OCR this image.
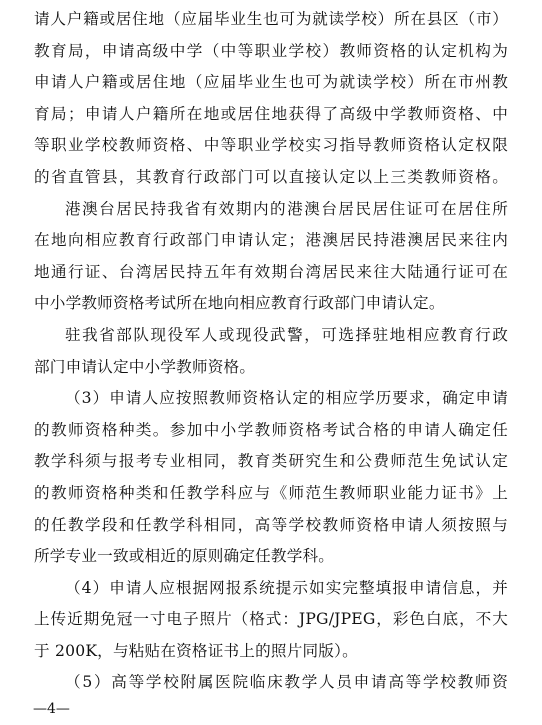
请人户籍或居住地（应届毕业生也可为就读学校）所在县区（市）
教育局，申请高级中学（中等职业学校）教师资格的认定机构为
申请人户籍或居住地（应届毕业生也可为就读学校）所在市州教
育局；申请人户籍所在地或居住地获得了高级中学教师资格、中
等职业学校教师资格、中等职业学校实习指导教师资格认定权限
的省直管县，其教育行政部门可以直接认定以上三类教师资格。
港澳台居民持我省有效期内的港澳台居民居住证可在居住所
在地向相应教育行政部门申请认定；港澳居民持港澳居民来往内
地通行证、台湾居民持五年有效期台湾居民来往大陆通行证可在
中小学教师资格考试所在地向相应教育行政部门申请认定。
驻我省部队现役军人或现役武警，可选择驻地相应教育行政
部门申请认定中小学教师资格。
（3）申请人应按照教师资格认定的相应学历要求，确定申请
的教师资格种类。参加中小学教师资格考试合格的申请人确定任
教学科须与报考专业相同，教育类研究生和公费师范生免试认定
的教师资格种类和任教学科应与《师范生教师职业能力证书》上
的任教学段和任教学科相同，高等学校教师资格申请人须按照与
所学专业一致或相近的原则确定任教学科。
（4）申请人应根据网报系统提示如实完整填报申请信息，并
上传近期免冠一寸电子照片（格式：JPG/JPEG，彩色白底，不大
于 200K，与粘贴在资格证书上的照片同版）。
（5）高等学校附属医院临床教学人员申请高等学校教师资
—4—
